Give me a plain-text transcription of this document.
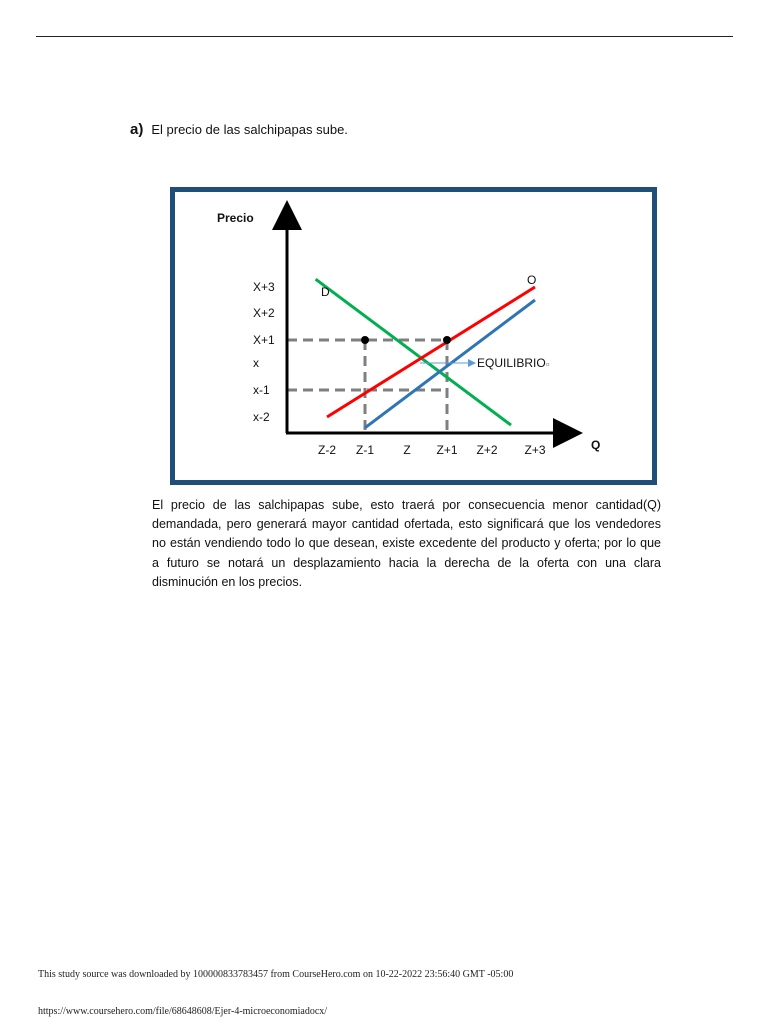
a) El precio de las salchipapas sube.
Precio
Q
D
O
X+3
X+2
X+1
x
x-1
x-2
Z-2 Z-1 Z Z+1 Z+2 Z+3
EQUILIBRIO¤
El precio de las salchipapas sube, esto traerá por consecuencia menor cantidad(Q) demandada, pero generará mayor cantidad ofertada, esto significará que los vendedores no están vendiendo todo lo que desean, existe excedente del producto y oferta; por lo que a futuro se notará un desplazamiento hacia la derecha de la oferta con una clara disminución en los precios.
This study source was downloaded by 100000833783457 from CourseHero.com on 10-22-2022 23:56:40 GMT -05:00
https://www.coursehero.com/file/68648608/Ejer-4-microeconomiadocx/
